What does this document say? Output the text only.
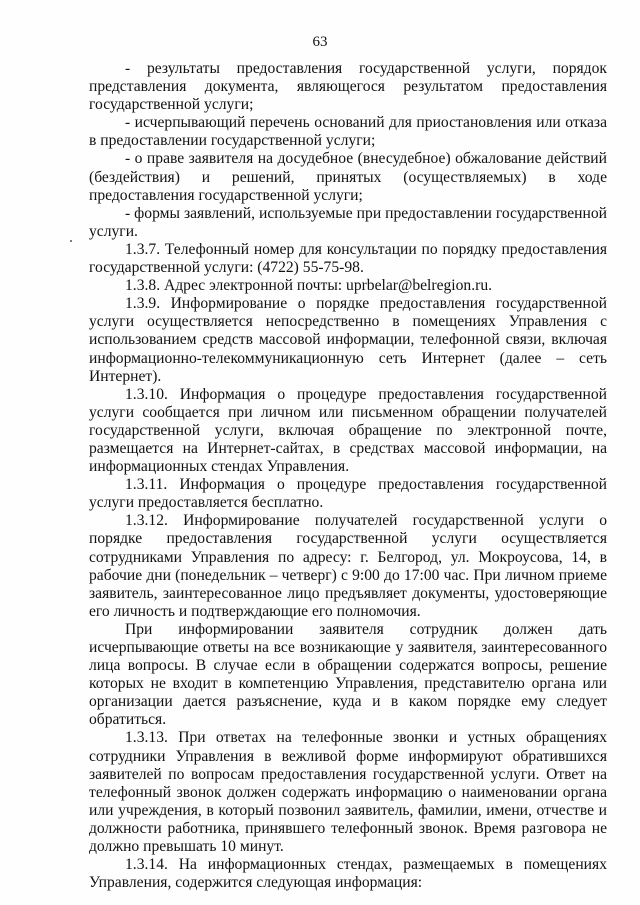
63

- результаты предоставления государственной услуги, порядок представления документа, являющегося результатом предоставления государственной услуги;

- исчерпывающий перечень оснований для приостановления или отказа в предоставлении государственной услуги;

- о праве заявителя на досудебное (внесудебное) обжалование действий (бездействия) и решений, принятых (осуществляемых) в ходе предоставления государственной услуги;

- формы заявлений, используемые при предоставлении государственной услуги.

1.3.7. Телефонный номер для консультации по порядку предоставления государственной услуги: (4722) 55-75-98.

1.3.8. Адрес электронной почты: uprbelar@belregion.ru.

1.3.9. Информирование о порядке предоставления государственной услуги осуществляется непосредственно в помещениях Управления с использованием средств массовой информации, телефонной связи, включая информационно-телекоммуникационную сеть Интернет (далее – сеть Интернет).

1.3.10. Информация о процедуре предоставления государственной услуги сообщается при личном или письменном обращении получателей государственной услуги, включая обращение по электронной почте, размещается на Интернет-сайтах, в средствах массовой информации, на информационных стендах Управления.

1.3.11. Информация о процедуре предоставления государственной услуги предоставляется бесплатно.

1.3.12. Информирование получателей государственной услуги о порядке предоставления государственной услуги осуществляется сотрудниками Управления по адресу: г. Белгород, ул. Мокроусова, 14, в рабочие дни (понедельник – четверг) с 9:00 до 17:00 час. При личном приеме заявитель, заинтересованное лицо предъявляет документы, удостоверяющие его личность и подтверждающие его полномочия.

При информировании заявителя сотрудник должен дать исчерпывающие ответы на все возникающие у заявителя, заинтересованного лица вопросы. В случае если в обращении содержатся вопросы, решение которых не входит в компетенцию Управления, представителю органа или организации дается разъяснение, куда и в каком порядке ему следует обратиться.

1.3.13. При ответах на телефонные звонки и устных обращениях сотрудники Управления в вежливой форме информируют обратившихся заявителей по вопросам предоставления государственной услуги. Ответ на телефонный звонок должен содержать информацию о наименовании органа или учреждения, в который позвонил заявитель, фамилии, имени, отчестве и должности работника, принявшего телефонный звонок. Время разговора не должно превышать 10 минут.

1.3.14. На информационных стендах, размещаемых в помещениях Управления, содержится следующая информация:
